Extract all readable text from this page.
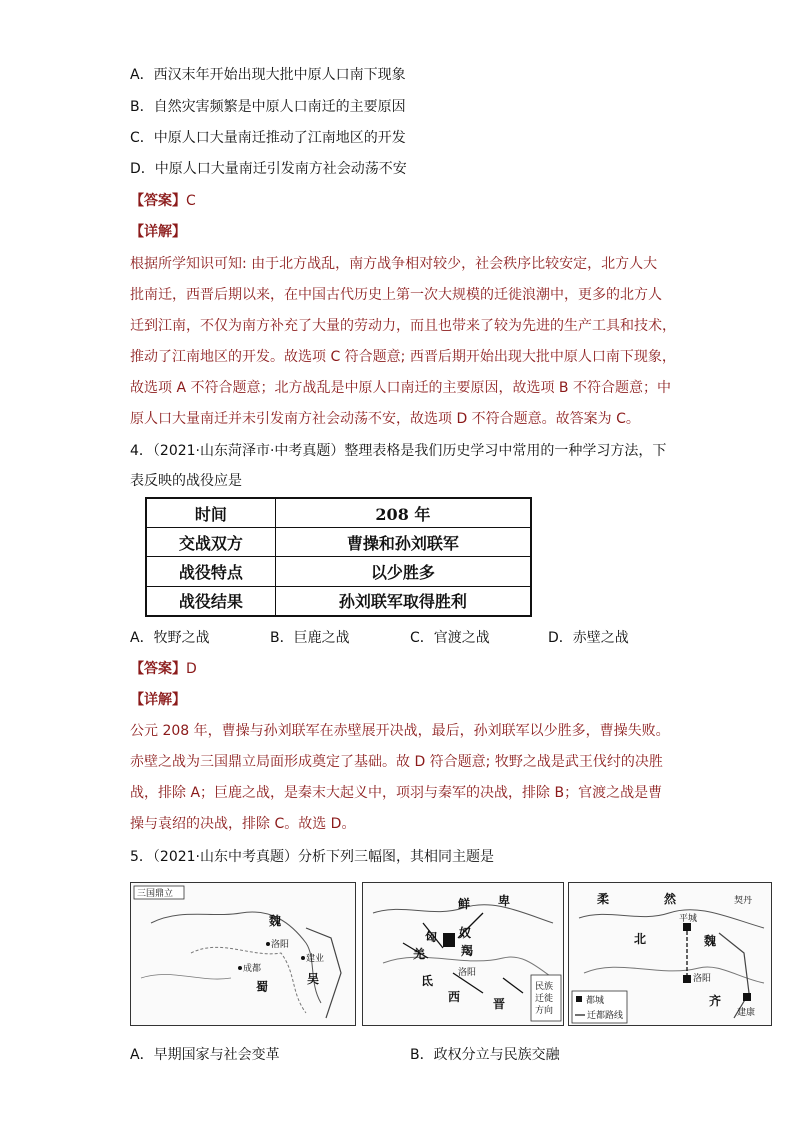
A．西汉末年开始出现大批中原人口南下现象
B．自然灾害频繁是中原人口南迁的主要原因
C．中原人口大量南迁推动了江南地区的开发
D．中原人口大量南迁引发南方社会动荡不安
【答案】C
【详解】
根据所学知识可知: 由于北方战乱，南方战争相对较少，社会秩序比较安定，北方人大
批南迁，西晋后期以来，在中国古代历史上第一次大规模的迁徙浪潮中，更多的北方人
迁到江南，不仅为南方补充了大量的劳动力，而且也带来了较为先进的生产工具和技术，
推动了江南地区的开发。故选项 C 符合题意; 西晋后期开始出现大批中原人口南下现象，
故选项 A 不符合题意；北方战乱是中原人口南迁的主要原因，故选项 B 不符合题意；中
原人口大量南迁并未引发南方社会动荡不安，故选项 D 不符合题意。故答案为 C。
4．（2021·山东菏泽市·中考真题）整理表格是我们历史学习中常用的一种学习方法，下
表反映的战役应是
时间	208 年
交战双方	曹操和孙刘联军
战役特点	以少胜多
战役结果	孙刘联军取得胜利
A．牧野之战	B．巨鹿之战	C．官渡之战	D．赤壁之战
【答案】D
【详解】
公元 208 年，曹操与孙刘联军在赤壁展开决战，最后，孙刘联军以少胜多，曹操失败。
赤壁之战为三国鼎立局面形成奠定了基础。故 D 符合题意; 牧野之战是武王伐纣的决胜
战，排除 A；巨鹿之战，是秦末大起义中，项羽与秦军的决战，排除 B；官渡之战是曹
操与袁绍的决战，排除 C。故选 D。
5．（2021·山东中考真题）分析下列三幅图，其相同主题是
三国鼎立
魏
洛阳
建业
成都
蜀
吴
鲜 卑
匈 奴
羯
羌
氐
洛阳
西	晋
民族
迁徙
方向
柔	然	契丹
平城
北	魏
洛阳
齐
建康
都城
迁都路线
A．早期国家与社会变革	B．政权分立与民族交融
